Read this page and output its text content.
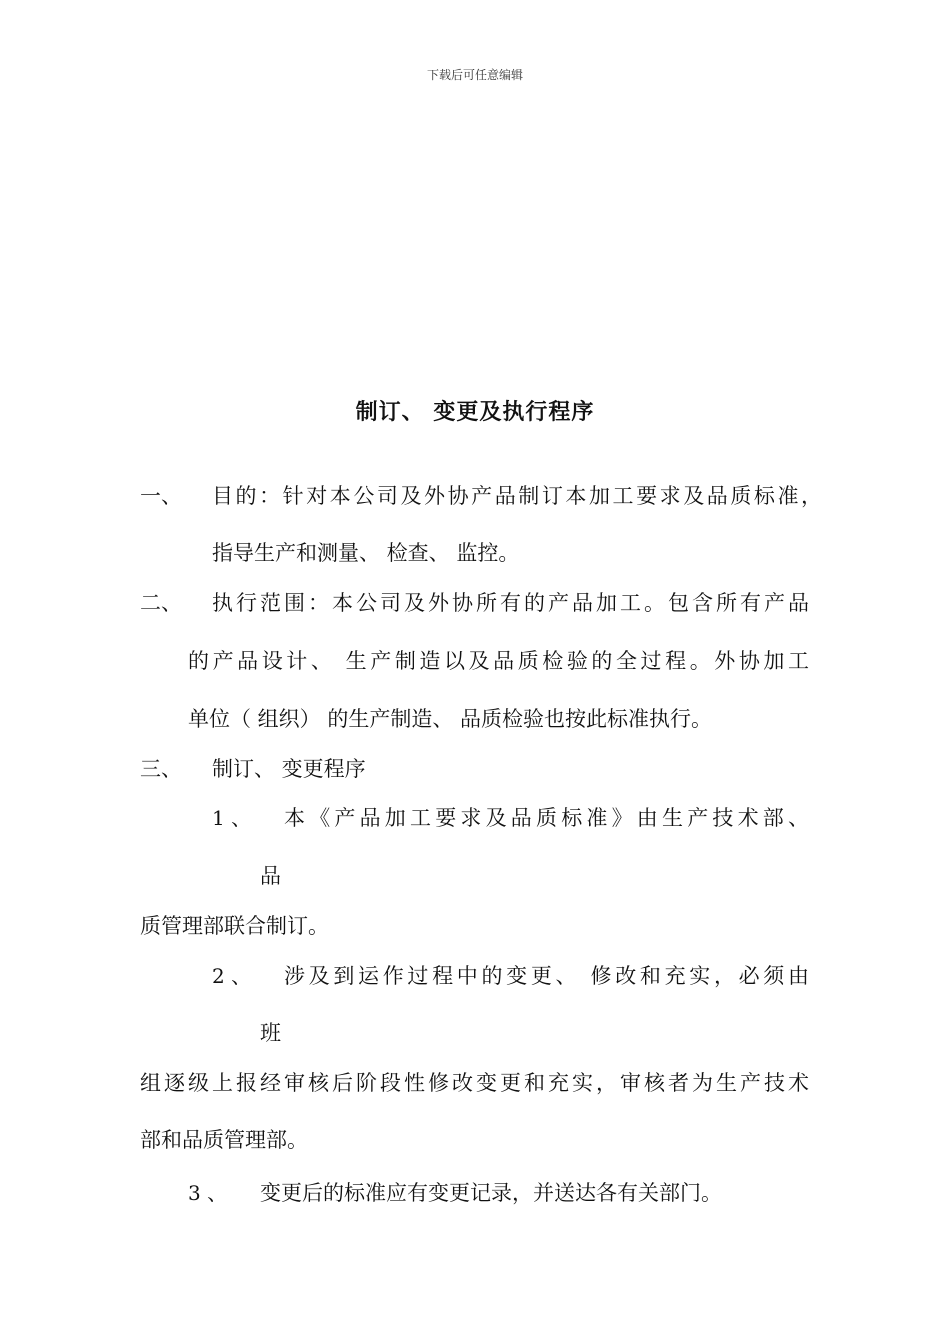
下载后可任意编辑
制订、 变更及执行程序
一、 目的：针对本公司及外协产品制订本加工要求及品质标准，
指导生产和测量、 检查、 监控。
二、 执行范围：本公司及外协所有的产品加工。包含所有产品
的产品设计、 生产制造以及品质检验的全过程。外协加工
单位（ 组织） 的生产制造、 品质检验也按此标准执行。
三、 制订、 变更程序
1 、 本《产品加工要求及品质标准》由生产技术部、
品
质管理部联合制订。
2 、 涉及到运作过程中的变更、 修改和充实，必须由
班
组逐级上报经审核后阶段性修改变更和充实，审核者为生产技术
部和品质管理部。
3 、 变更后的标准应有变更记录，并送达各有关部门。
